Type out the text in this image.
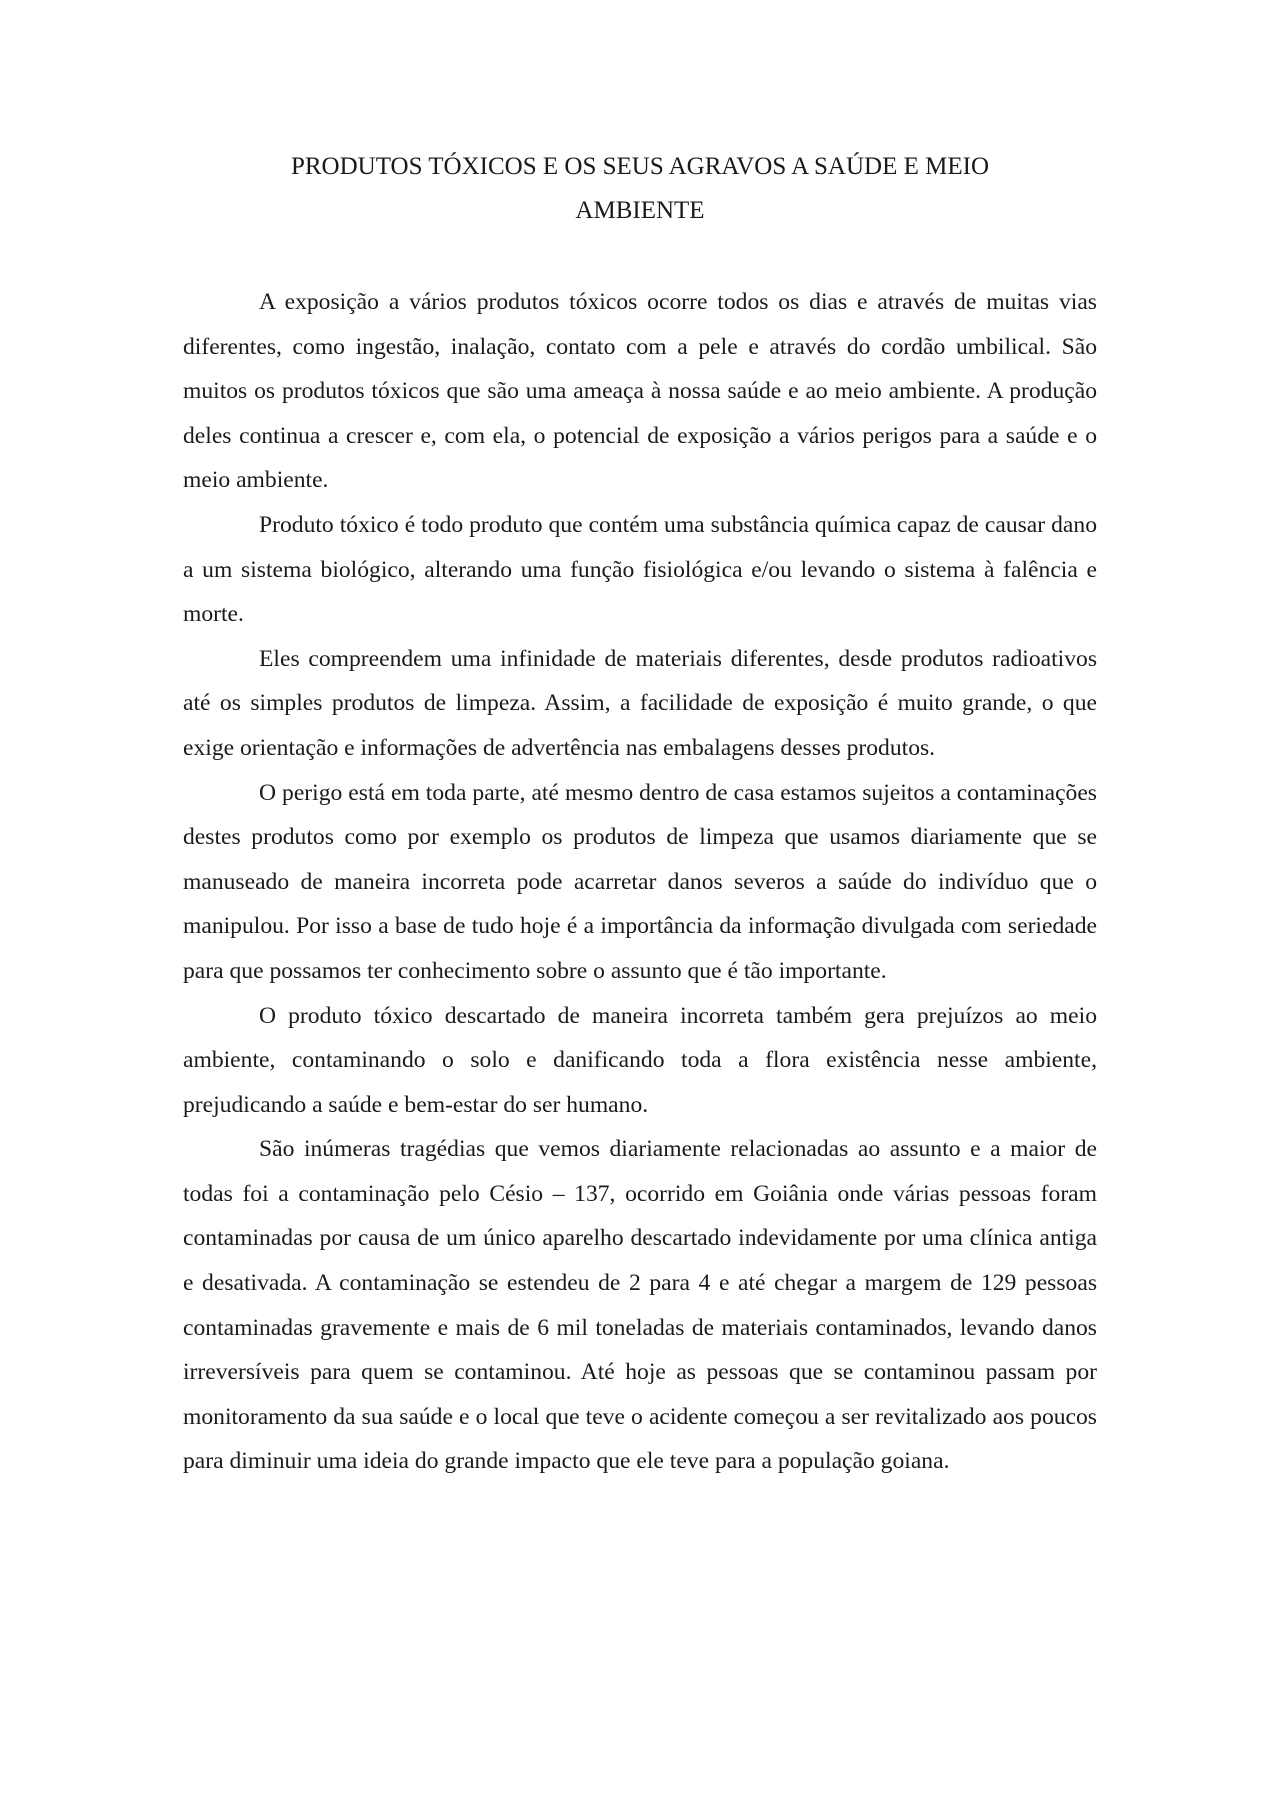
PRODUTOS TÓXICOS E OS SEUS AGRAVOS A SAÚDE E MEIO
AMBIENTE

A exposição a vários produtos tóxicos ocorre todos os dias e através de muitas vias diferentes, como ingestão, inalação, contato com a pele e através do cordão umbilical. São muitos os produtos tóxicos que são uma ameaça à nossa saúde e ao meio ambiente. A produção deles continua a crescer e, com ela, o potencial de exposição a vários perigos para a saúde e o meio ambiente.

Produto tóxico é todo produto que contém uma substância química capaz de causar dano a um sistema biológico, alterando uma função fisiológica e/ou levando o sistema à falência e morte.

Eles compreendem uma infinidade de materiais diferentes, desde produtos radioativos até os simples produtos de limpeza. Assim, a facilidade de exposição é muito grande, o que exige orientação e informações de advertência nas embalagens desses produtos.

O perigo está em toda parte, até mesmo dentro de casa estamos sujeitos a contaminações destes produtos como por exemplo os produtos de limpeza que usamos diariamente que se manuseado de maneira incorreta pode acarretar danos severos a saúde do indivíduo que o manipulou. Por isso a base de tudo hoje é a importância da informação divulgada com seriedade para que possamos ter conhecimento sobre o assunto que é tão importante.

O produto tóxico descartado de maneira incorreta também gera prejuízos ao meio ambiente, contaminando o solo e danificando toda a flora existência nesse ambiente, prejudicando a saúde e bem-estar do ser humano.

São inúmeras tragédias que vemos diariamente relacionadas ao assunto e a maior de todas foi a contaminação pelo Césio – 137, ocorrido em Goiânia onde várias pessoas foram contaminadas por causa de um único aparelho descartado indevidamente por uma clínica antiga e desativada. A contaminação se estendeu de 2 para 4 e até chegar a margem de 129 pessoas contaminadas gravemente e mais de 6 mil toneladas de materiais contaminados, levando danos irreversíveis para quem se contaminou. Até hoje as pessoas que se contaminou passam por monitoramento da sua saúde e o local que teve o acidente começou a ser revitalizado aos poucos para diminuir uma ideia do grande impacto que ele teve para a população goiana.
